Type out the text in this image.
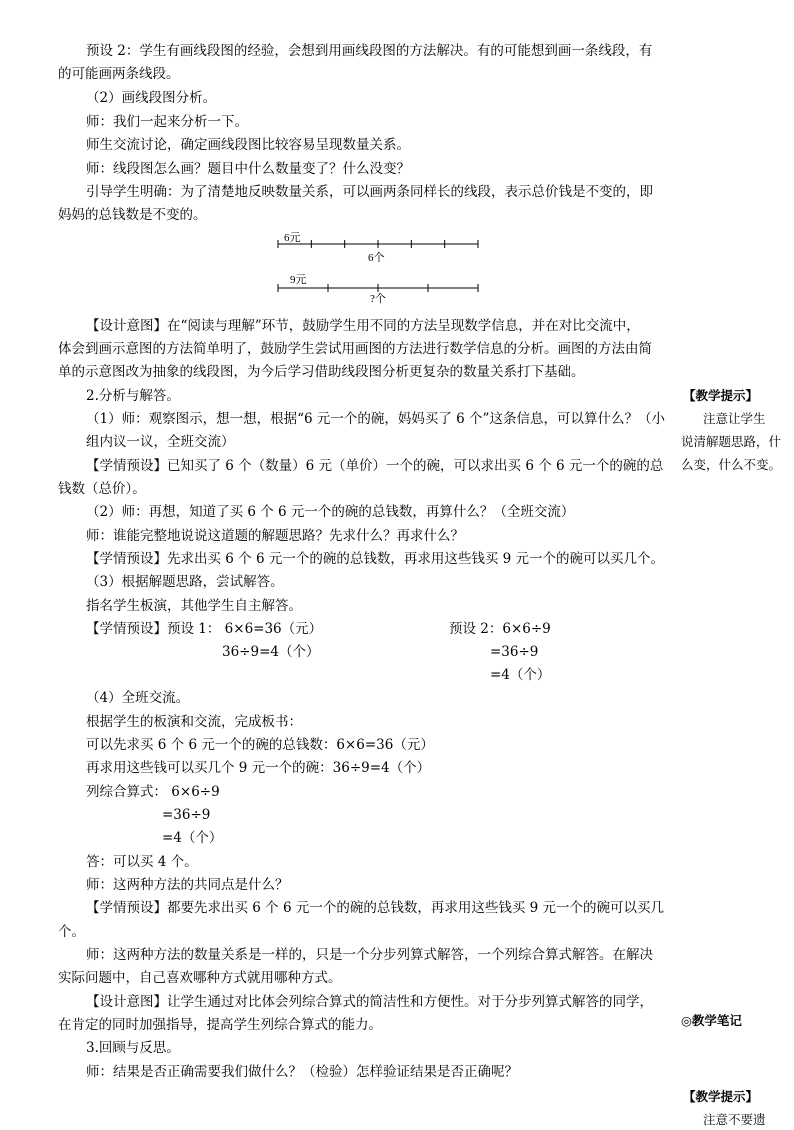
预设 2：学生有画线段图的经验，会想到用画线段图的方法解决。有的可能想到画一条线段，有
的可能画两条线段。
（2）画线段图分析。
师：我们一起来分析一下。
师生交流讨论，确定画线段图比较容易呈现数量关系。
师：线段图怎么画？题目中什么数量变了？什么没变？
引导学生明确：为了清楚地反映数量关系，可以画两条同样长的线段，表示总价钱是不变的，即
妈妈的总钱数是不变的。
6元
6个
9元
?个
【设计意图】在“阅读与理解”环节，鼓励学生用不同的方法呈现数学信息，并在对比交流中，
体会到画示意图的方法简单明了，鼓励学生尝试用画图的方法进行数学信息的分析。画图的方法由简
单的示意图改为抽象的线段图，为今后学习借助线段图分析更复杂的数量关系打下基础。
2.分析与解答。
（1）师：观察图示，想一想，根据“6 元一个的碗，妈妈买了 6 个”这条信息，可以算什么？（小
组内议一议，全班交流）
【学情预设】已知买了 6 个（数量）6 元（单价）一个的碗，可以求出买 6 个 6 元一个的碗的总
钱数（总价）。
（2）师：再想，知道了买 6 个 6 元一个的碗的总钱数，再算什么？（全班交流）
师：谁能完整地说说这道题的解题思路？先求什么？再求什么？
【学情预设】先求出买 6 个 6 元一个的碗的总钱数，再求用这些钱买 9 元一个的碗可以买几个。
（3）根据解题思路，尝试解答。
指名学生板演，其他学生自主解答。
【学情预设】预设 1： 6×6=36（元）	预设 2：6×6÷9
36÷9=4（个）	=36÷9
=4（个）
（4）全班交流。
根据学生的板演和交流，完成板书：
可以先求买 6 个 6 元一个的碗的总钱数：6×6=36（元）
再求用这些钱可以买几个 9 元一个的碗：36÷9=4（个）
列综合算式： 6×6÷9
=36÷9
=4（个）
答：可以买 4 个。
师：这两种方法的共同点是什么？
【学情预设】都要先求出买 6 个 6 元一个的碗的总钱数，再求用这些钱买 9 元一个的碗可以买几
个。
师：这两种方法的数量关系是一样的，只是一个分步列算式解答，一个列综合算式解答。在解决
实际问题中，自己喜欢哪种方式就用哪种方式。
【设计意图】让学生通过对比体会列综合算式的简洁性和方便性。对于分步列算式解答的同学，
在肯定的同时加强指导，提高学生列综合算式的能力。
3.回顾与反思。
师：结果是否正确需要我们做什么？（检验）怎样验证结果是否正确呢？
【教学提示】
注意让学生
说清解题思路，什
么变，什么不变。
◎教学笔记
【教学提示】
注意不要遗
